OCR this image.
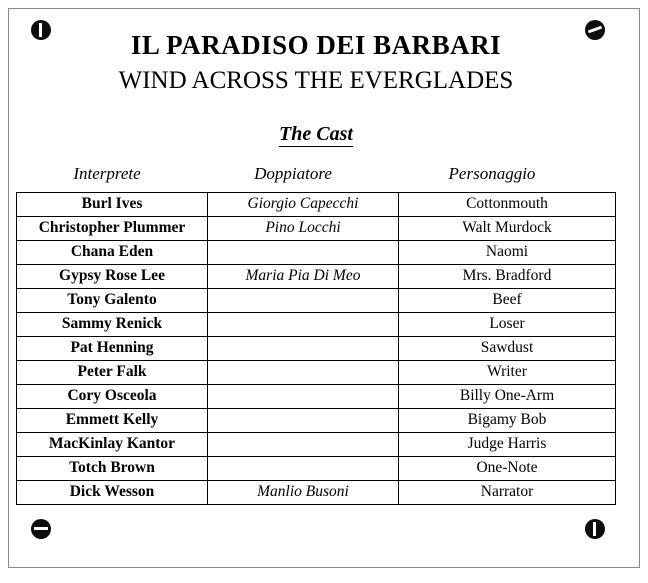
IL PARADISO DEI BARBARI
WIND ACROSS THE EVERGLADES
The Cast
Interprete	Doppiatore	Personaggio
Burl Ives	Giorgio Capecchi	Cottonmouth
Christopher Plummer	Pino Locchi	Walt Murdock
Chana Eden		Naomi
Gypsy Rose Lee	Maria Pia Di Meo	Mrs. Bradford
Tony Galento		Beef
Sammy Renick		Loser
Pat Henning		Sawdust
Peter Falk		Writer
Cory Osceola		Billy One-Arm
Emmett Kelly		Bigamy Bob
MacKinlay Kantor		Judge Harris
Totch Brown		One-Note
Dick Wesson	Manlio Busoni	Narrator
